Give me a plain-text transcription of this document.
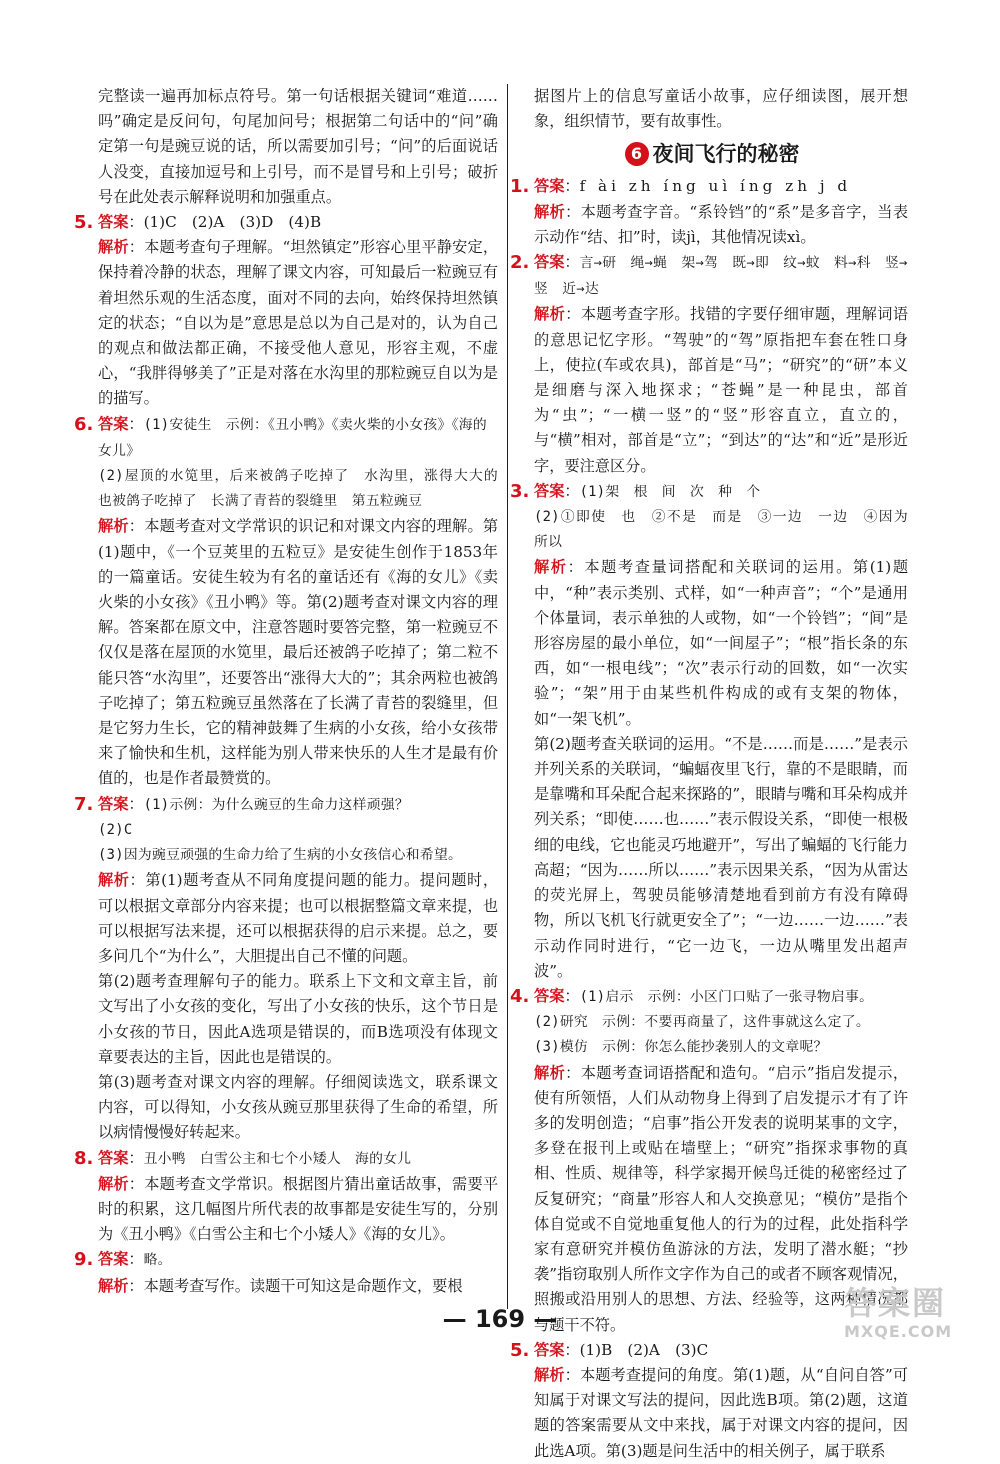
完整读一遍再加标点符号。第一句话根据关键词“难道……吗”确定是反问句，句尾加问号；根据第二句话中的“问”确定第一句是豌豆说的话，所以需要加引号；“问”的后面说话人没变，直接加逗号和上引号，而不是冒号和上引号；破折号在此处表示解释说明和加强重点。

5. 答案：(1)C　(2)A　(3)D　(4)B

解析：本题考查句子理解。“坦然镇定”形容心里平静安定，保持着冷静的状态，理解了课文内容，可知最后一粒豌豆有着坦然乐观的生活态度，面对不同的去向，始终保持坦然镇定的状态；“自以为是”意思是总以为自己是对的，认为自己的观点和做法都正确，不接受他人意见，形容主观，不虚心，“我胖得够美了”正是对落在水沟里的那粒豌豆自以为是的描写。

6. 答案：(1)安徒生　示例：《丑小鸭》《卖火柴的小女孩》《海的女儿》

(2)屋顶的水笕里，后来被鸽子吃掉了　水沟里，涨得大大的　也被鸽子吃掉了　长满了青苔的裂缝里　第五粒豌豆

解析：本题考查对文学常识的识记和对课文内容的理解。第(1)题中，《一个豆荚里的五粒豆》是安徒生创作于1853年的一篇童话。安徒生较为有名的童话还有《海的女儿》《卖火柴的小女孩》《丑小鸭》等。第(2)题考查对课文内容的理解。答案都在原文中，注意答题时要答完整，第一粒豌豆不仅仅是落在屋顶的水笕里，最后还被鸽子吃掉了；第二粒不能只答“水沟里”，还要答出“涨得大大的”；其余两粒也被鸽子吃掉了；第五粒豌豆虽然落在了长满了青苔的裂缝里，但是它努力生长，它的精神鼓舞了生病的小女孩，给小女孩带来了愉快和生机，这样能为别人带来快乐的人生才是最有价值的，也是作者最赞赏的。

7. 答案：(1)示例：为什么豌豆的生命力这样顽强？

(2)C

(3)因为豌豆顽强的生命力给了生病的小女孩信心和希望。

解析：第(1)题考查从不同角度提问题的能力。提问题时，可以根据文章部分内容来提；也可以根据整篇文章来提，也可以根据写法来提，还可以根据获得的启示来提。总之，要多问几个“为什么”，大胆提出自己不懂的问题。

第(2)题考查理解句子的能力。联系上下文和文章主旨，前文写出了小女孩的变化，写出了小女孩的快乐，这个节日是小女孩的节日，因此A选项是错误的，而B选项没有体现文章要表达的主旨，因此也是错误的。

第(3)题考查对课文内容的理解。仔细阅读选文，联系课文内容，可以得知，小女孩从豌豆那里获得了生命的希望，所以病情慢慢好转起来。

8. 答案：丑小鸭　白雪公主和七个小矮人　海的女儿

解析：本题考查文学常识。根据图片猜出童话故事，需要平时的积累，这几幅图片所代表的故事都是安徒生写的，分别为《丑小鸭》《白雪公主和七个小矮人》《海的女儿》。

9. 答案：略。

解析：本题考查写作。读题干可知这是命题作文，要根

据图片上的信息写童话小故事，应仔细读图，展开想象，组织情节，要有故事性。

6 夜间飞行的秘密

1. 答案：f ài zh íng uì íng zh j d

解析：本题考查字音。“系铃铛”的“系”是多音字，当表示动作“结、扣”时，读jì，其他情况读xì。

2. 答案：言→研　绳→蝇　架→驾　既→即　纹→蚊　料→科　竖→竖　近→达

解析：本题考查字形。找错的字要仔细审题，理解词语的意思记忆字形。“驾驶”的“驾”原指把车套在牲口身上，使拉(车或农具)，部首是“马”；“研究”的“研”本义是细磨与深入地探求；“苍蝇”是一种昆虫，部首为“虫”；“一横一竖”的“竖”形容直立，直立的，与“横”相对，部首是“立”；“到达”的“达”和“近”是形近字，要注意区分。

3. 答案：(1)架　根　间　次　种　个

(2)①即使　也　②不是　而是　③一边　一边　④因为　所以

解析：本题考查量词搭配和关联词的运用。第(1)题中，“种”表示类别、式样，如“一种声音”；“个”是通用个体量词，表示单独的人或物，如“一个铃铛”；“间”是形容房屋的最小单位，如“一间屋子”；“根”指长条的东西，如“一根电线”；“次”表示行动的回数，如“一次实验”；“架”用于由某些机件构成的或有支架的物体，如“一架飞机”。

第(2)题考查关联词的运用。“不是……而是……”是表示并列关系的关联词，“蝙蝠夜里飞行，靠的不是眼睛，而是靠嘴和耳朵配合起来探路的”，眼睛与嘴和耳朵构成并列关系；“即使……也……”表示假设关系，“即使一根极细的电线，它也能灵巧地避开”，写出了蝙蝠的飞行能力高超；“因为……所以……”表示因果关系，“因为从雷达的荧光屏上，驾驶员能够清楚地看到前方有没有障碍物，所以飞机飞行就更安全了”；“一边……一边……”表示动作同时进行，“它一边飞，一边从嘴里发出超声波”。

4. 答案：(1)启示　示例：小区门口贴了一张寻物启事。

(2)研究　示例：不要再商量了，这件事就这么定了。

(3)模仿　示例：你怎么能抄袭别人的文章呢？

解析：本题考查词语搭配和造句。“启示”指启发提示，使有所领悟，人们从动物身上得到了启发提示才有了许多的发明创造；“启事”指公开发表的说明某事的文字，多登在报刊上或贴在墙壁上；“研究”指探求事物的真相、性质、规律等，科学家揭开候鸟迁徙的秘密经过了反复研究；“商量”形容人和人交换意见；“模仿”是指个体自觉或不自觉地重复他人的行为的过程，此处指科学家有意研究并模仿鱼游泳的方法，发明了潜水艇；“抄袭”指窃取别人所作文字作为自己的或者不顾客观情况，照搬或沿用别人的思想、方法、经验等，这两种情况都与题干不符。

5. 答案：(1)B　(2)A　(3)C

解析：本题考查提问的角度。第(1)题，从“自问自答”可知属于对课文写法的提问，因此选B项。第(2)题，这道题的答案需要从文中来找，属于对课文内容的提问，因此选A项。第(3)题是问生活中的相关例子，属于联系

— 169 —	答案圈
MXQE.COM
